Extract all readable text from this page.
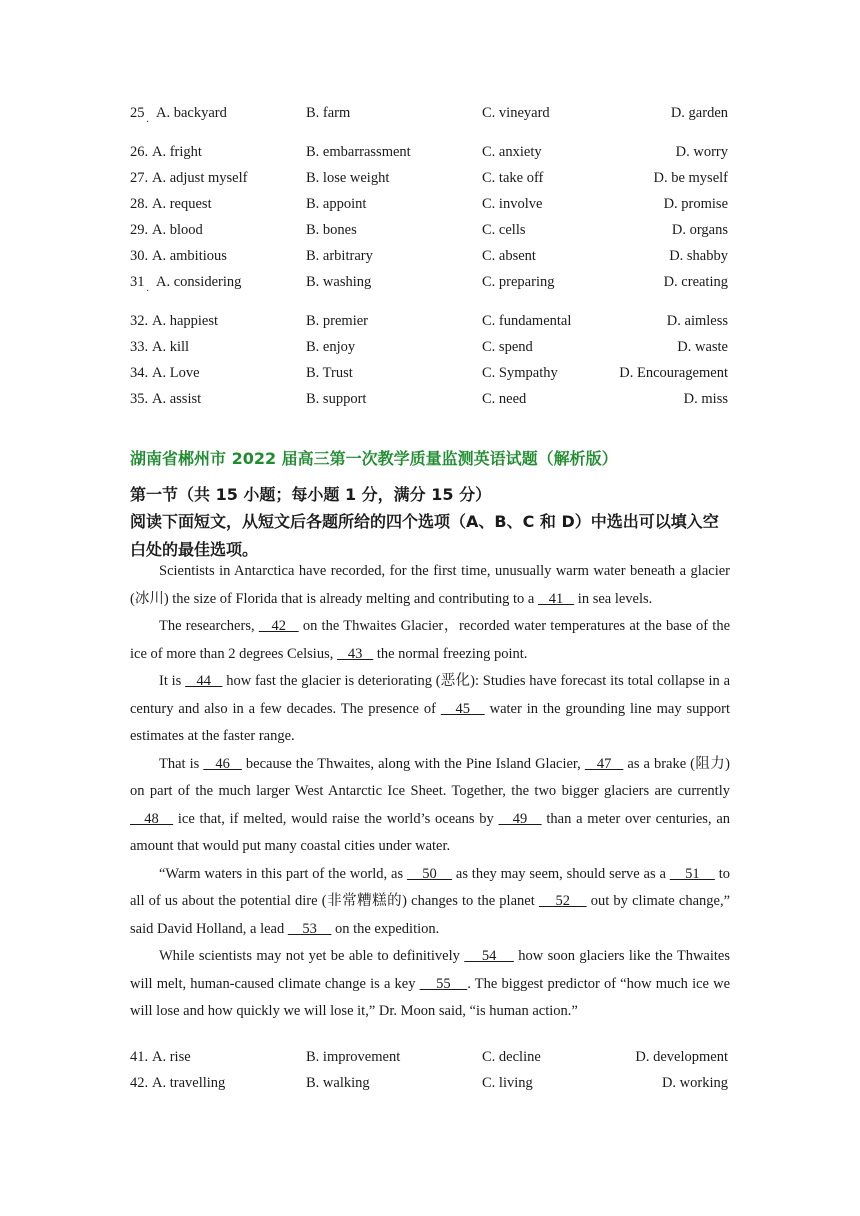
25 A. backyard	B. farm	C. vineyard	D. garden
·
26. A. fright	B. embarrassment	C. anxiety	D. worry
27. A. adjust myself	B. lose weight	C. take off	D. be myself
28. A. request	B. appoint	C. involve	D. promise
29. A. blood	B. bones	C. cells	D. organs
30. A. ambitious	B. arbitrary	C. absent	D. shabby
31 A. considering	B. washing	C. preparing	D. creating
·
32. A. happiest	B. premier	C. fundamental	D. aimless
33. A. kill	B. enjoy	C. spend	D. waste
34. A. Love	B. Trust	C. Sympathy	D. Encouragement
35. A. assist	B. support	C. need	D. miss
湖南省郴州市 2022 届高三第一次教学质量监测英语试题（解析版）
第一节（共 15 小题；每小题 1 分，满分 15 分）
阅读下面短文，从短文后各题所给的四个选项（A、B、C 和 D）中选出可以填入空白处的最佳选项。

Scientists in Antarctica have recorded, for the first time, unusually warm water beneath a glacier (冰川) the size of Florida that is already melting and contributing to a    41    in sea levels.

The researchers,    42    on the Thwaites Glacier，recorded water temperatures at the base of the ice of more than 2 degrees Celsius,    43    the normal freezing point.

It is    44    how fast the glacier is deteriorating (恶化): Studies have forecast its total collapse in a century and also in a few decades. The presence of    45    water in the grounding line may support estimates at the faster range.

That is    46    because the Thwaites, along with the Pine Island Glacier,    47    as a brake (阻力) on part of the much larger West Antarctic Ice Sheet. Together, the two bigger glaciers are currently    48    ice that, if melted, would raise the world’s oceans by    49    than a meter over centuries, an amount that would put many coastal cities under water.

“Warm waters in this part of the world, as     50     as they may seem, should serve as a     51     to all of us about the potential dire (非常糟糕的) changes to the planet     52     out by climate change,” said David Holland, a lead     53     on the expedition.

While scientists may not yet be able to definitively     54     how soon glaciers like the Thwaites will melt, human-caused climate change is a key     55    . The biggest predictor of “how much ice we will lose and how quickly we will lose it,” Dr. Moon said, “is human action.”

41. A. rise	B. improvement	C. decline	D. development
42. A. travelling	B. walking	C. living	D. working
